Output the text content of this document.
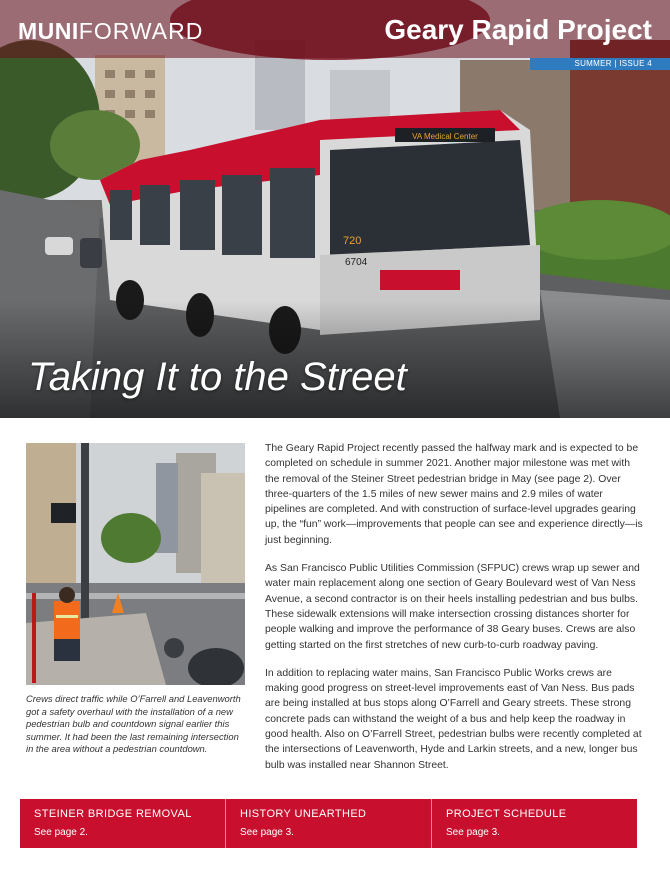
VA Medical Center
720
6704
MUNIFORWARD	Geary Rapid Project
SUMMER | ISSUE 4
Taking It to the Street
Crews direct traffic while O’Farrell and Leavenworth got a safety overhaul with the installation of a new pedestrian bulb and countdown signal earlier this summer. It had been the last remaining intersection in the area without a pedestrian countdown.

The Geary Rapid Project recently passed the halfway mark and is expected to be completed on schedule in summer 2021. Another major milestone was met with the removal of the Steiner Street pedestrian bridge in May (see page 2). Over three-quarters of the 1.5 miles of new sewer mains and 2.9 miles of water pipelines are completed. And with construction of surface-level upgrades gearing up, the “fun” work—improvements that people can see and experience directly—is just beginning.

As San Francisco Public Utilities Commission (SFPUC) crews wrap up sewer and water main replacement along one section of Geary Boulevard west of Van Ness Avenue, a second contractor is on their heels installing pedestrian and bus bulbs. These sidewalk extensions will make intersection crossing distances shorter for people walking and improve the performance of 38 Geary buses. Crews are also getting started on the first stretches of new curb-to-curb roadway paving.

In addition to replacing water mains, San Francisco Public Works crews are making good progress on street-level improvements east of Van Ness. Bus pads are being installed at bus stops along O’Farrell and Geary streets. These strong concrete pads can withstand the weight of a bus and help keep the roadway in good health. Also on O’Farrell Street, pedestrian bulbs were recently completed at the intersections of Leavenworth, Hyde and Larkin streets, and a new, longer bus bulb was installed near Shannon Street.

STEINER BRIDGE REMOVAL
See page 2.
HISTORY UNEARTHED
See page 3.
PROJECT SCHEDULE
See page 3.
